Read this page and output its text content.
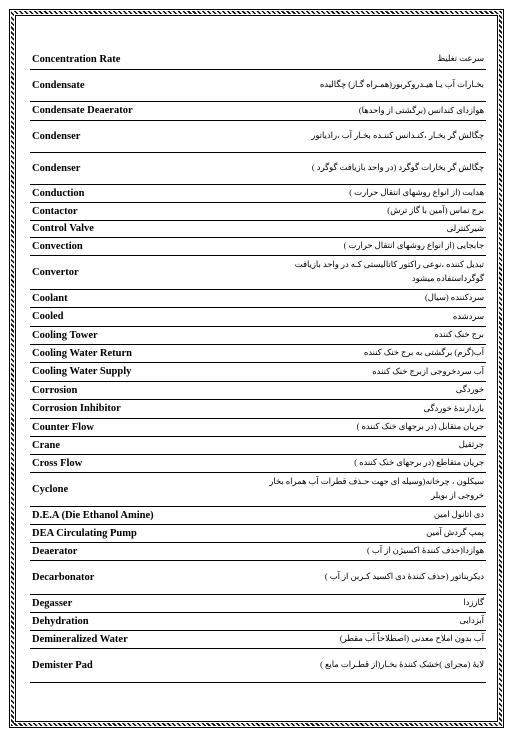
Concentration Rate	سرعت تغلیظ
Condensate	بخـارات آب یـا هیـدروکربور(همـراه گـاز) چگالیده
Condensate Deaerator	هوازدای کندانس (برگشتی از واحدها)
Condenser	چگالش گر بخـار ،کنـدانس کننـده بخـار آب ،رادیاتور
Condenser	چگالش گر بخارات گوگرد (در واحد بازیافت گوگرد )
Conduction	هدایت (از انواع روشهای انتقال حرارت )
Contactor	برج تماس (آمین با گاز ترش)
Control Valve	شیرکنترلی
Convection	جابجایی (از انواع روشهای انتقال حرارت )
Convertor	تبدیل کننده ،نوعی راکتور کاتالیستی کـه در واحد بازیافت گوگرداستفاده میشود
Coolant	سردکننده (سیال)
Cooled	سردشده
Cooling Tower	برج خنک کننده
Cooling Water Return	آب(گرم) برگشتی به برج خنک کننده
Cooling Water Supply	آب سردخروجی ازبرج خنک کننده
Corrosion	خوردگی
Corrosion Inhibitor	بازدارندهٔ خوردگی
Counter Flow	جریان متقابل (در برجهای خنک کننده )
Crane	جرثقیل
Cross Flow	جریان متقاطع (در برجهای خنک کننده )
Cyclone	سیکلون ، چرخانه(وسیله ای جهت حـذف قطرات آب همراه بخار خروجی از بویلر
D.E.A (Die Ethanol Amine)	دی اتانول امین
DEA Circulating Pump	پمپ گردش آمین
Deaerator	هوازدا(حذف کنندهٔ اکسیژن از آب )
Decarbonator	دیکربناتور (حذف کنندهٔ دی اکسید کـربن از آب )
Degasser	گاززدا
Dehydration	آبزدایی
Demineralized Water	آب بدون املاح معدنی (اصطلاحاً آب مقطر)
Demister Pad	لایهٔ (مجرای )خشک کنندهٔ بخـار(از قطـرات مایع )
